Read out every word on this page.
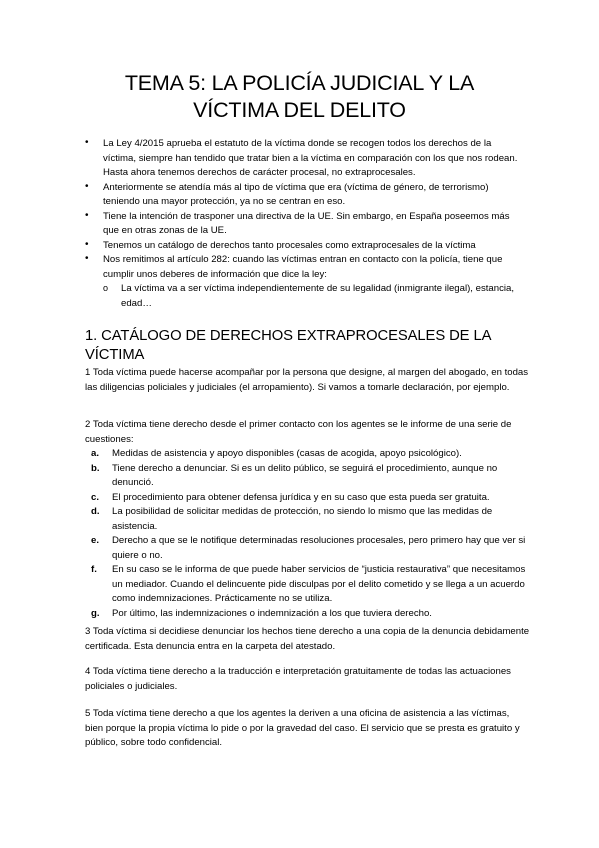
TEMA 5: LA POLICÍA JUDICIAL Y LA
VÍCTIMA DEL DELITO
• La Ley 4/2015 aprueba el estatuto de la víctima donde se recogen todos los derechos de la víctima, siempre han tendido que tratar bien a la víctima en comparación con los que nos rodean. Hasta ahora tenemos derechos de carácter procesal, no extraprocesales.
• Anteriormente se atendía más al tipo de víctima que era (víctima de género, de terrorismo) teniendo una mayor protección, ya no se centran en eso.
• Tiene la intención de trasponer una directiva de la UE. Sin embargo, en España poseemos más que en otras zonas de la UE.
• Tenemos un catálogo de derechos tanto procesales como extraprocesales de la víctima
• Nos remitimos al artículo 282: cuando las víctimas entran en contacto con la policía, tiene que cumplir unos deberes de información que dice la ley:
o La víctima va a ser víctima independientemente de su legalidad (inmigrante ilegal), estancia, edad…
1. CATÁLOGO DE DERECHOS EXTRAPROCESALES DE LA VÍCTIMA
1 Toda víctima puede hacerse acompañar por la persona que designe, al margen del abogado, en todas las diligencias policiales y judiciales (el arropamiento). Si vamos a tomarle declaración, por ejemplo.
2 Toda víctima tiene derecho desde el primer contacto con los agentes se le informe de una serie de cuestiones:
a. Medidas de asistencia y apoyo disponibles (casas de acogida, apoyo psicológico).
b. Tiene derecho a denunciar. Si es un delito público, se seguirá el procedimiento, aunque no denunció.
c. El procedimiento para obtener defensa jurídica y en su caso que esta pueda ser gratuita.
d. La posibilidad de solicitar medidas de protección, no siendo lo mismo que las medidas de asistencia.
e. Derecho a que se le notifique determinadas resoluciones procesales, pero primero hay que ver si quiere o no.
f. En su caso se le informa de que puede haber servicios de “justicia restaurativa” que necesitamos un mediador. Cuando el delincuente pide disculpas por el delito cometido y se llega a un acuerdo como indemnizaciones. Prácticamente no se utiliza.
g. Por último, las indemnizaciones o indemnización a los que tuviera derecho.
3 Toda víctima si decidiese denunciar los hechos tiene derecho a una copia de la denuncia debidamente certificada. Esta denuncia entra en la carpeta del atestado.
4 Toda víctima tiene derecho a la traducción e interpretación gratuitamente de todas las actuaciones policiales o judiciales.
5 Toda víctima tiene derecho a que los agentes la deriven a una oficina de asistencia a las víctimas, bien porque la propia víctima lo pide o por la gravedad del caso. El servicio que se presta es gratuito y público, sobre todo confidencial.
